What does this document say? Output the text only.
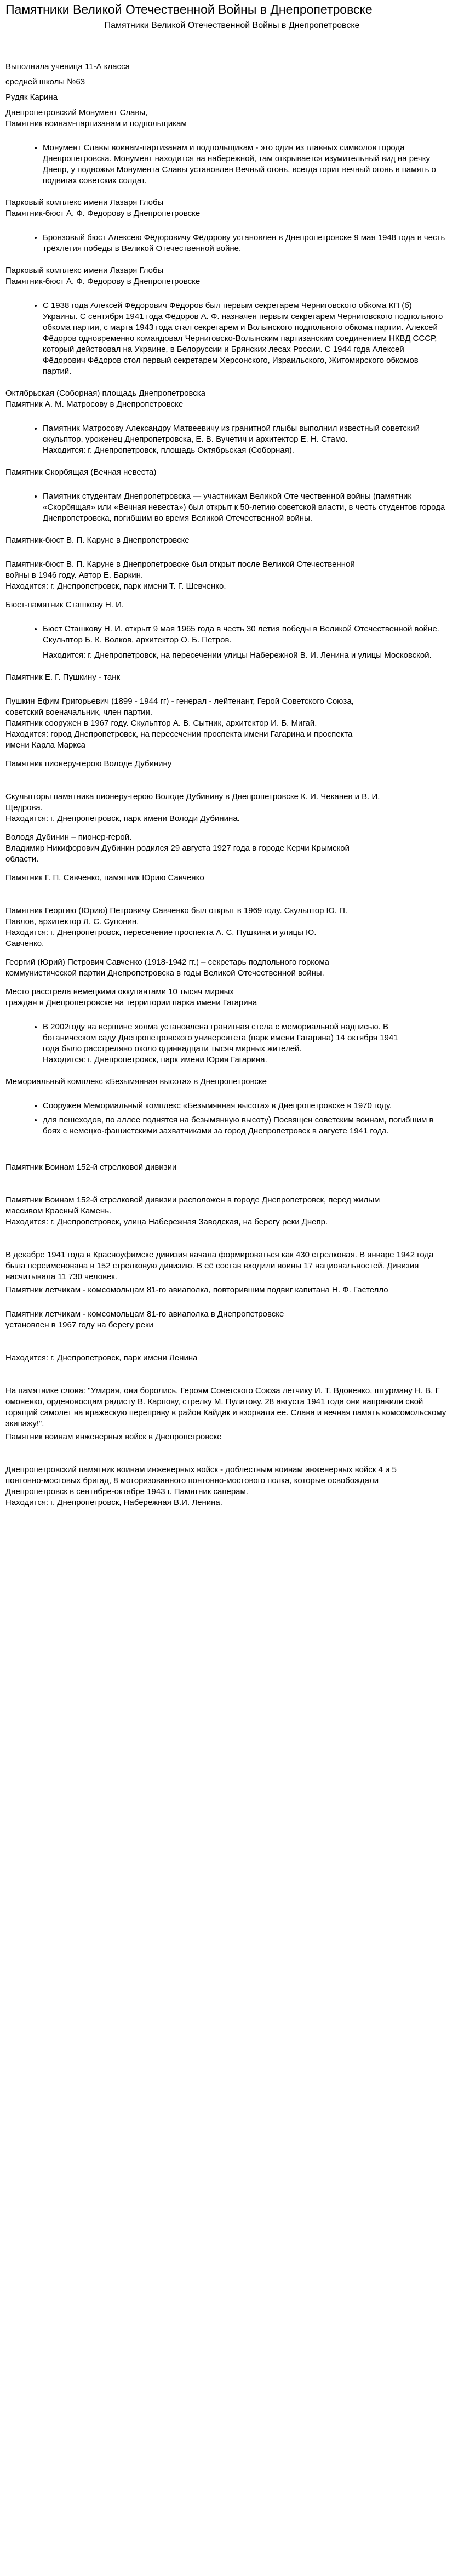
Памятники Великой Отечественной Войны в Днепропетровске
Памятники Великой Отечественной Войны в Днепропетровске

Выполнила ученица 11-А класса

средней школы №63

Рудяк Карина

Днепропетровский Монумент Славы,

Памятник воинам-партизанам и подпольщикам

• Монумент Славы воинам-партизанам и подпольщикам - это один из главных символов города Днепропетровска. Монумент находится на набережной, там открывается изумительный вид на речку Днепр, у подножья Монумента Славы установлен Вечный огонь, всегда горит вечный огонь в память о подвигах советских солдат.

Парковый комплекс имени Лазаря Глобы

Памятник-бюст А. Ф. Федорову в Днепропетровске

• Бронзовый бюст Алексею Фёдоровичу Фёдорову установлен в Днепропетровске 9 мая 1948 года в честь трёхлетия победы в Великой Отечественной войне.

Парковый комплекс имени Лазаря Глобы

Памятник-бюст А. Ф. Федорову в Днепропетровске

• С 1938 года Алексей Фёдорович Фёдоров был первым секретарем Черниговского обкома КП (б) Украины. С сентября 1941 года Фёдоров А. Ф. назначен первым секретарем Черниговского подпольного обкома партии, с марта 1943 года стал секретарем и Волынского подпольного обкома партии. Алексей Фёдоров одновременно командовал Черниговско-Волынским партизанским соединением НКВД СССР, который действовал на Украине, в Белоруссии и Брянских лесах России. С 1944 года Алексей Фёдорович Фёдоров стол первый секретарем Херсонского, Израильского, Житомирского обкомов партий.

Октябрьская (Соборная) площадь Днепропетровска

Памятник А. М. Матросову в Днепропетровске

• Памятник Матросову Александру Матвеевичу из гранитной глыбы выполнил известный советский скульптор, уроженец Днепропетровска, Е. В. Вучетич и архитектор Е. Н. Стамо.

Находится: г. Днепропетровск, площадь Октябрьская (Соборная).

Памятник Скорбящая (Вечная невеста)

• Памятник студентам Днепропетровска — участникам Великой Оте чественной войны (памятник «Скорбящая» или «Вечная невеста») был открыт к 50-летию советской власти, в честь студентов города Днепропетровска, погибшим во время Великой Отечественной войны.

Памятник-бюст В. П. Каруне в Днепропетровске

Памятник-бюст В. П. Каруне в Днепропетровске был открыт после Великой Отечественной войны в 1946 году. Автор Е. Баркин.

Находится: г. Днепропетровск, парк имени Т. Г. Шевченко.

Бюст-памятник Сташкову Н. И.

• Бюст Сташкову Н. И. открыт 9 мая 1965 года в честь 30 летия победы в Великой Отечественной войне. Скульптор Б. К. Волков, архитектор О. Б. Петров.

Находится: г. Днепропетровск, на пересечении улицы Набережной В. И. Ленина и улицы Московской.

Памятник Е. Г. Пушкину - танк

Пушкин Ефим Григорьевич (1899 - 1944 гг) - генерал - лейтенант, Герой Советского Союза, советский военачальник, член партии.

Памятник сооружен в 1967 году. Скульптор А. В. Сытник, архитектор И. Б. Мигай.

Находится: город Днепропетровск, на пересечении проспекта имени Гагарина и проспекта имени Карла Маркса

Памятник пионеру-герою Володе Дубинину

Скульпторы памятника пионеру-герою Володе Дубинину в Днепропетровске К. И. Чеканев и В. И. Щедрова.

Находится: г. Днепропетровск, парк имени Володи Дубинина.

Володя Дубинин – пионер-герой.

Владимир Никифорович Дубинин родился 29 августа 1927 года в городе Керчи Крымской области.

Памятник Г. П. Савченко, памятник Юрию Савченко

Памятник Георгию (Юрию) Петровичу Савченко был открыт в 1969 году. Скульптор Ю. П. Павлов, архитектор Л. С. Супонин.

Находится: г. Днепропетровск, пересечение проспекта А. С. Пушкина и улицы Ю. Савченко.

Георгий (Юрий) Петрович Савченко (1918-1942 гг.) – секретарь подпольного горкома коммунистической партии Днепропетровска в годы Великой Отечественной войны.

Место расстрела немецкими оккупантами 10 тысяч мирных

граждан в Днепропетровске на территории парка имени Гагарина

• В 2002году на вершине холма установлена гранитная стела с мемориальной надписью. В ботаническом саду Днепропетровского университета (парк имени Гагарина) 14 октября 1941 года было расстреляно около одиннадцати тысяч мирных жителей.

Находится: г. Днепропетровск, парк имени Юрия Гагарина.

Мемориальный комплекс «Безымянная высота» в Днепропетровске

• Сооружен Мемориальный комплекс «Безымянная высота» в Днепропетровске в 1970 году.

• для пешеходов, по аллее поднятся на безымянную высоту) Посвящен советским воинам, погибшим в боях с немецко-фашистскими захватчиками за город Днепропетровск в августе 1941 года.

Памятник Воинам 152-й стрелковой дивизии

Памятник Воинам 152-й стрелковой дивизии расположен в городе Днепропетровск, перед жилым массивом Красный Камень.

Находится: г. Днепропетровск, улица Набережная Заводская, на берегу реки Днепр.

В декабре 1941 года в Красноуфимске дивизия начала формироваться как 430 стрелковая. В январе 1942 года была переименована в 152 стрелковую дивизию. В её состав входили воины 17 национальностей. Дивизия насчитывала 11 730 человек.

Памятник летчикам - комсомольцам 81-го авиаполка, повторившим подвиг капитана Н. Ф. Гастелло

Памятник летчикам - комсомольцам 81-го авиаполка в Днепропетровске установлен в 1967 году на берегу реки

Находится: г. Днепропетровск, парк имени Ленина

На памятнике слова: "Умирая, они боролись. Героям Советского Союза летчику И. Т. Вдовенко, штурману Н. В. Г омоненко, орденоносцам радисту В. Карпову, стрелку М. Пулатову. 28 августа 1941 года они направили свой горящий самолет на вражескую переправу в район Кайдак и взорвали ее. Слава и вечная память комсомольскому экипажу!".

Памятник воинам инженерных войск в Днепропетровске

Днепропетровский памятник воинам инженерных войск - доблестным воинам инженерных войск 4 и 5 понтонно-мостовых бригад, 8 моторизованного понтонно-мостового полка, которые освобождали Днепропетровск в сентябре-октябре 1943 г. Памятник саперам.

Находится: г. Днепропетровск, Набережная В.И. Ленина.
